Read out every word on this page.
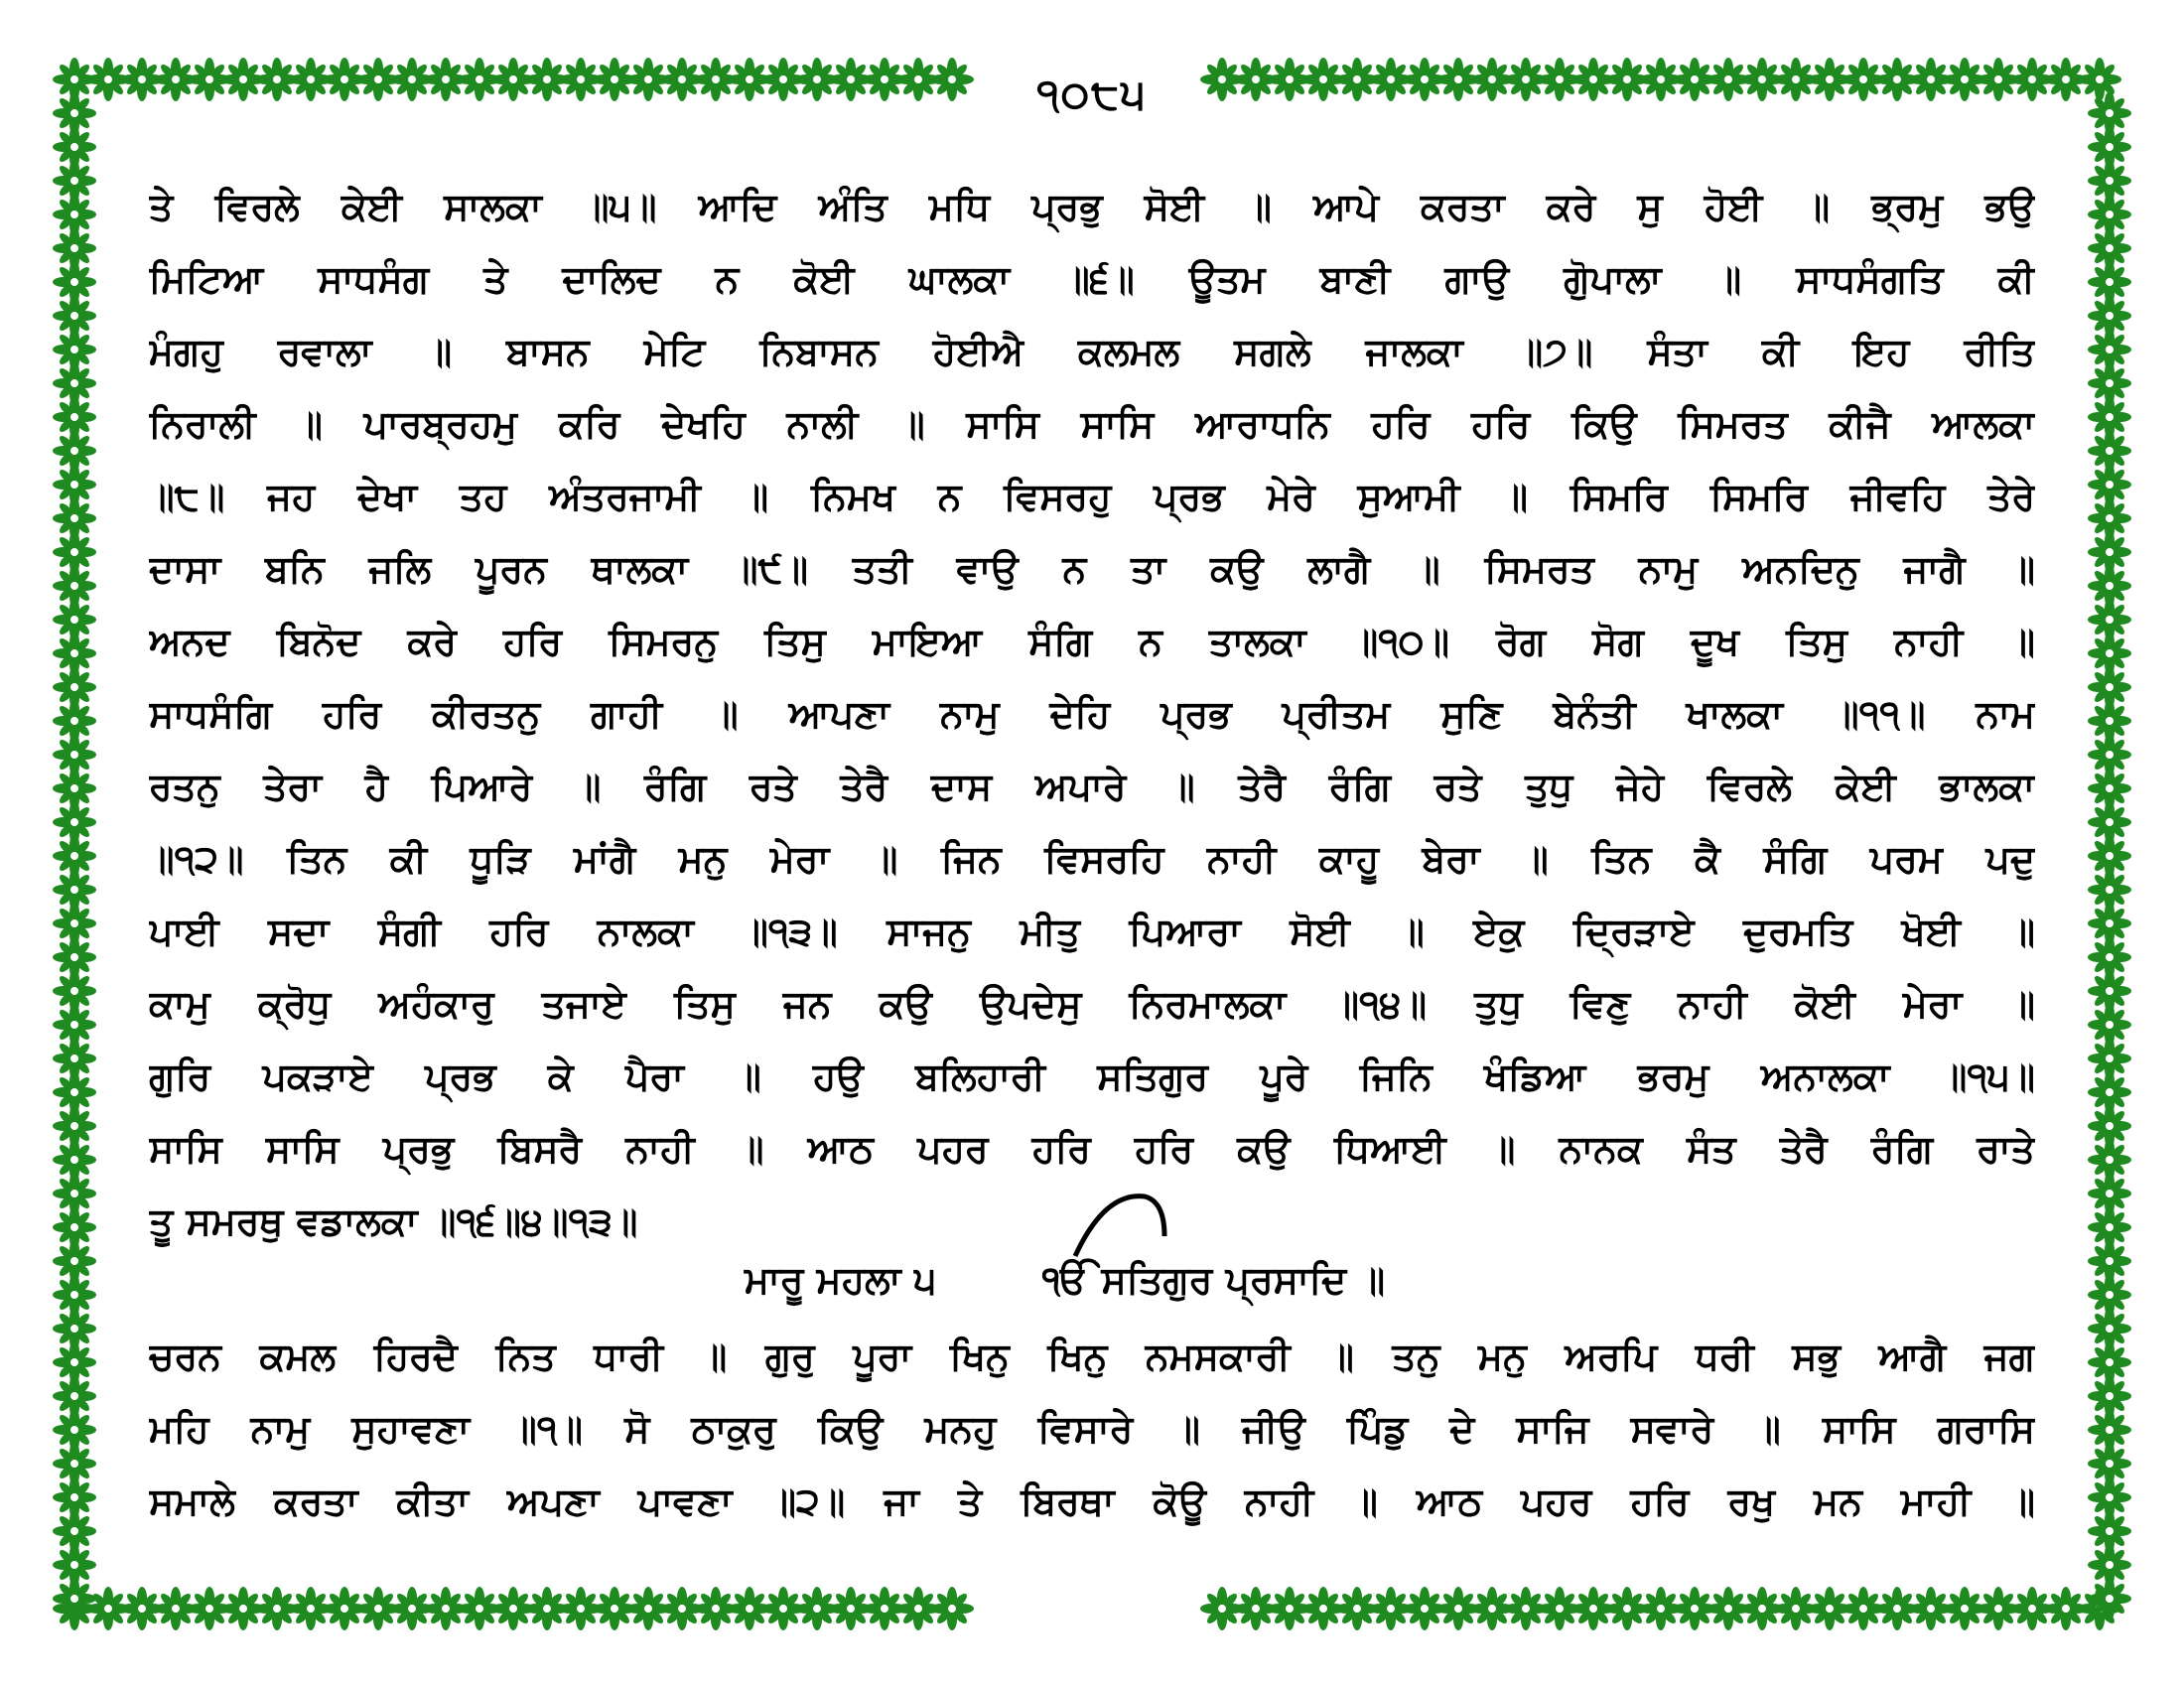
੧੦੮੫
ਤੇ ਵਿਰਲੇ ਕੇਈ ਸਾਲਕਾ ॥੫॥ ਆਦਿ ਅੰਤਿ ਮਧਿ ਪ੍ਰਭੁ ਸੋਈ ॥ ਆਪੇ ਕਰਤਾ ਕਰੇ ਸੁ ਹੋਈ ॥ ਭ੍ਰਮੁ ਭਉ
ਮਿਟਿਆ ਸਾਧਸੰਗ ਤੇ ਦਾਲਿਦ ਨ ਕੋਈ ਘਾਲਕਾ ॥੬॥ ਊਤਮ ਬਾਣੀ ਗਾਉ ਗੋੁਪਾਲਾ ॥ ਸਾਧਸੰਗਤਿ ਕੀ
ਮੰਗਹੁ ਰਵਾਲਾ ॥ ਬਾਸਨ ਮੇਟਿ ਨਿਬਾਸਨ ਹੋਈਐ ਕਲਮਲ ਸਗਲੇ ਜਾਲਕਾ ॥੭॥ ਸੰਤਾ ਕੀ ਇਹ ਰੀਤਿ
ਨਿਰਾਲੀ ॥ ਪਾਰਬ੍ਰਹਮੁ ਕਰਿ ਦੇਖਹਿ ਨਾਲੀ ॥ ਸਾਸਿ ਸਾਸਿ ਆਰਾਧਨਿ ਹਰਿ ਹਰਿ ਕਿਉ ਸਿਮਰਤ ਕੀਜੈ ਆਲਕਾ
॥੮॥ ਜਹ ਦੇਖਾ ਤਹ ਅੰਤਰਜਾਮੀ ॥ ਨਿਮਖ ਨ ਵਿਸਰਹੁ ਪ੍ਰਭ ਮੇਰੇ ਸੁਆਮੀ ॥ ਸਿਮਰਿ ਸਿਮਰਿ ਜੀਵਹਿ ਤੇਰੇ
ਦਾਸਾ ਬਨਿ ਜਲਿ ਪੂਰਨ ਥਾਲਕਾ ॥੯॥ ਤਤੀ ਵਾਉ ਨ ਤਾ ਕਉ ਲਾਗੈ ॥ ਸਿਮਰਤ ਨਾਮੁ ਅਨਦਿਨੁ ਜਾਗੈ ॥
ਅਨਦ ਬਿਨੋਦ ਕਰੇ ਹਰਿ ਸਿਮਰਨੁ ਤਿਸੁ ਮਾਇਆ ਸੰਗਿ ਨ ਤਾਲਕਾ ॥੧੦॥ ਰੋਗ ਸੋਗ ਦੂਖ ਤਿਸੁ ਨਾਹੀ ॥
ਸਾਧਸੰਗਿ ਹਰਿ ਕੀਰਤਨੁ ਗਾਹੀ ॥ ਆਪਣਾ ਨਾਮੁ ਦੇਹਿ ਪ੍ਰਭ ਪ੍ਰੀਤਮ ਸੁਣਿ ਬੇਨੰਤੀ ਖਾਲਕਾ ॥੧੧॥ ਨਾਮ
ਰਤਨੁ ਤੇਰਾ ਹੈ ਪਿਆਰੇ ॥ ਰੰਗਿ ਰਤੇ ਤੇਰੈ ਦਾਸ ਅਪਾਰੇ ॥ ਤੇਰੈ ਰੰਗਿ ਰਤੇ ਤੁਧੁ ਜੇਹੇ ਵਿਰਲੇ ਕੇਈ ਭਾਲਕਾ
॥੧੨॥ ਤਿਨ ਕੀ ਧੂੜਿ ਮਾਂਗੈ ਮਨੁ ਮੇਰਾ ॥ ਜਿਨ ਵਿਸਰਹਿ ਨਾਹੀ ਕਾਹੂ ਬੇਰਾ ॥ ਤਿਨ ਕੈ ਸੰਗਿ ਪਰਮ ਪਦੁ
ਪਾਈ ਸਦਾ ਸੰਗੀ ਹਰਿ ਨਾਲਕਾ ॥੧੩॥ ਸਾਜਨੁ ਮੀਤੁ ਪਿਆਰਾ ਸੋਈ ॥ ਏਕੁ ਦ੍ਰਿੜਾਏ ਦੁਰਮਤਿ ਖੋਈ ॥
ਕਾਮੁ ਕ੍ਰੋਧੁ ਅਹੰਕਾਰੁ ਤਜਾਏ ਤਿਸੁ ਜਨ ਕਉ ਉਪਦੇਸੁ ਨਿਰਮਾਲਕਾ ॥੧੪॥ ਤੁਧੁ ਵਿਣੁ ਨਾਹੀ ਕੋਈ ਮੇਰਾ ॥
ਗੁਰਿ ਪਕੜਾਏ ਪ੍ਰਭ ਕੇ ਪੈਰਾ ॥ ਹਉ ਬਲਿਹਾਰੀ ਸਤਿਗੁਰ ਪੂਰੇ ਜਿਨਿ ਖੰਡਿਆ ਭਰਮੁ ਅਨਾਲਕਾ ॥੧੫॥
ਸਾਸਿ ਸਾਸਿ ਪ੍ਰਭੁ ਬਿਸਰੈ ਨਾਹੀ ॥ ਆਠ ਪਹਰ ਹਰਿ ਹਰਿ ਕਉ ਧਿਆਈ ॥ ਨਾਨਕ ਸੰਤ ਤੇਰੈ ਰੰਗਿ ਰਾਤੇ
ਤੂ ਸਮਰਥੁ ਵਡਾਲਕਾ ॥੧੬॥੪॥੧੩॥
ਮਾਰੂ ਮਹਲਾ ੫	ੴ ਸਤਿਗੁਰ ਪ੍ਰਸਾਦਿ ॥
ਚਰਨ ਕਮਲ ਹਿਰਦੈ ਨਿਤ ਧਾਰੀ ॥ ਗੁਰੁ ਪੂਰਾ ਖਿਨੁ ਖਿਨੁ ਨਮਸਕਾਰੀ ॥ ਤਨੁ ਮਨੁ ਅਰਪਿ ਧਰੀ ਸਭੁ ਆਗੈ ਜਗ
ਮਹਿ ਨਾਮੁ ਸੁਹਾਵਣਾ ॥੧॥ ਸੋ ਠਾਕੁਰੁ ਕਿਉ ਮਨਹੁ ਵਿਸਾਰੇ ॥ ਜੀਉ ਪਿੰਡੁ ਦੇ ਸਾਜਿ ਸਵਾਰੇ ॥ ਸਾਸਿ ਗਰਾਸਿ
ਸਮਾਲੇ ਕਰਤਾ ਕੀਤਾ ਅਪਣਾ ਪਾਵਣਾ ॥੨॥ ਜਾ ਤੇ ਬਿਰਥਾ ਕੋਊ ਨਾਹੀ ॥ ਆਠ ਪਹਰ ਹਰਿ ਰਖੁ ਮਨ ਮਾਹੀ ॥
